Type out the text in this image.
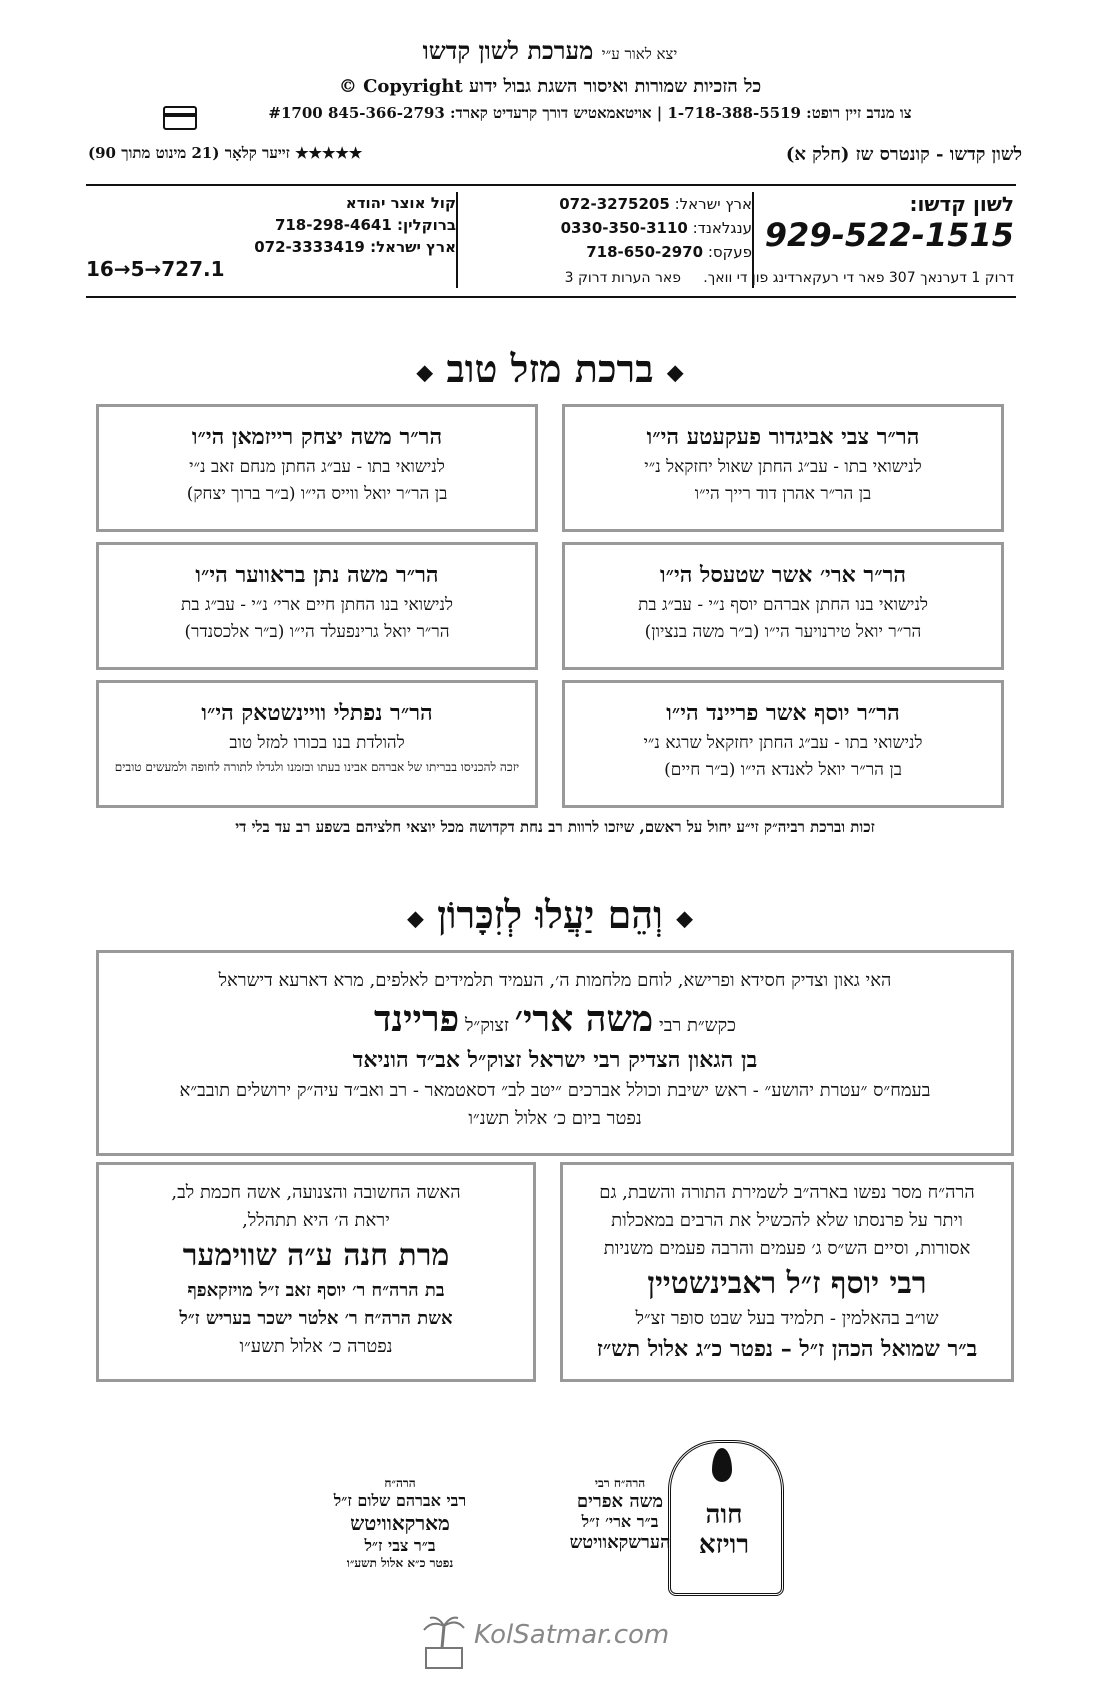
יצא לאור ע״י מערכת לשון קדשו
כל הזכיות שמורות ואיסור השגת גבול ידוע Copyright ©
צו מנדב זיין רופט: 1-718-388-5519 | אויטאמאטיש דורך קרעדיט קארד: 845-366-2793 #1700
לשון קדשו - קונטרס שז (חלק א)
★★★★★ זייער קלאָר (21 מינוט מתוך 90)
לשון קדשו:
929-522-1515
דרוק 1 דערנאך 307 פאר די רעקארדינג פון די וואך.     פאר הערות דרוק 3
ארץ ישראל: 072-3275205
ענגלאנד: 0330-350-3110
פעקס: 718-650-2970
קול אוצר יהודא
ברוקלין: 718-298-4641
ארץ ישראל: 072-3333419
16→5→727.1
◆ ברכת מזל טוב ◆
הר״ר צבי אביגדור פעקעטע הי״ו
לנישואי בתו - עב״ג החתן שאול יחזקאל נ״י
בן הר״ר אהרן דוד רייך הי״ו
הר״ר משה יצחק רייזמאן הי״ו
לנישואי בתו - עב״ג החתן מנחם זאב נ״י
בן הר״ר יואל ווייס הי״ו (ב״ר ברוך יצחק)
הר״ר ארי׳ אשר שטעסל הי״ו
לנישואי בנו החתן אברהם יוסף נ״י - עב״ג בת
הר״ר יואל טירנויער הי״ו (ב״ר משה בנציון)
הר״ר משה נתן בראווער הי״ו
לנישואי בנו החתן חיים ארי׳ נ״י - עב״ג בת
הר״ר יואל גרינפעלד הי״ו (ב״ר אלכסנדר)
הר״ר יוסף אשר פריינד הי״ו
לנישואי בתו - עב״ג החתן יחזקאל שרגא נ״י
בן הר״ר יואל לאנדא הי״ו (ב״ר חיים)
הר״ר נפתלי וויינשטאק הי״ו
להולדת בנו בכורו למזל טוב
יזכה להכניסו בבריתו של אברהם אבינו בעתו ובזמנו ולגדלו לתורה לחופה ולמעשים טובים
זכות וברכת רביה״ק זי״ע יחול על ראשם, שיזכו לרוות רב נחת דקדושה מכל יוצאי חלציהם בשפע רב עד בלי די
◆ וְהֵם יַעֲלוּ לְזִכָּרוֹן ◆
האי גאון וצדיק חסידא ופרישא, לוחם מלחמות ה׳, העמיד תלמידים לאלפים, מרא דארעא דישראל
כקש״ת רבי משה ארי׳ זצוק״ל פריינד
בן הגאון הצדיק רבי ישראל זצוק״ל אב״ד הוניאד
בעמח״ס ״עטרת יהושע״ - ראש ישיבת וכולל אברכים ״יטב לב״ דסאטמאר - רב ואב״ד עיה״ק ירושלים תובב״א
נפטר ביום כ׳ אלול תשנ״ו
הרה״ח מסר נפשו בארה״ב לשמירת התורה והשבת, גם
ויתר על פרנסתו שלא להכשיל את הרבים במאכלות
אסורות, וסיים הש״ס ג׳ פעמים והרבה פעמים משניות
רבי יוסף ז״ל ראבינשטיין
שו״ב בהאלמין - תלמיד בעל שבט סופר זצ״ל
ב״ר שמואל הכהן ז״ל – נפטר כ״ג אלול תש״ז
האשה החשובה והצנועה, אשה חכמת לב,
יראת ה׳ היא תתהלל,
מרת חנה ע״ה שווימער
בת הרה״ח ר׳ יוסף זאב ז״ל מויזקאפף
אשת הרה״ח ר׳ אלטר ישכר בעריש ז״ל
נפטרה כ׳ אלול תשע״ו
הרה״ח
רבי אברהם שלום ז״ל
מארקאוויטש
ב״ר צבי ז״ל
נפטר כ״א אלול תשע״ו
הרה״ח רבי
משה אפרים
ב״ר ארי׳ ז״ל
הערשקאוויטש
חוה רויזא
KolSatmar.com
